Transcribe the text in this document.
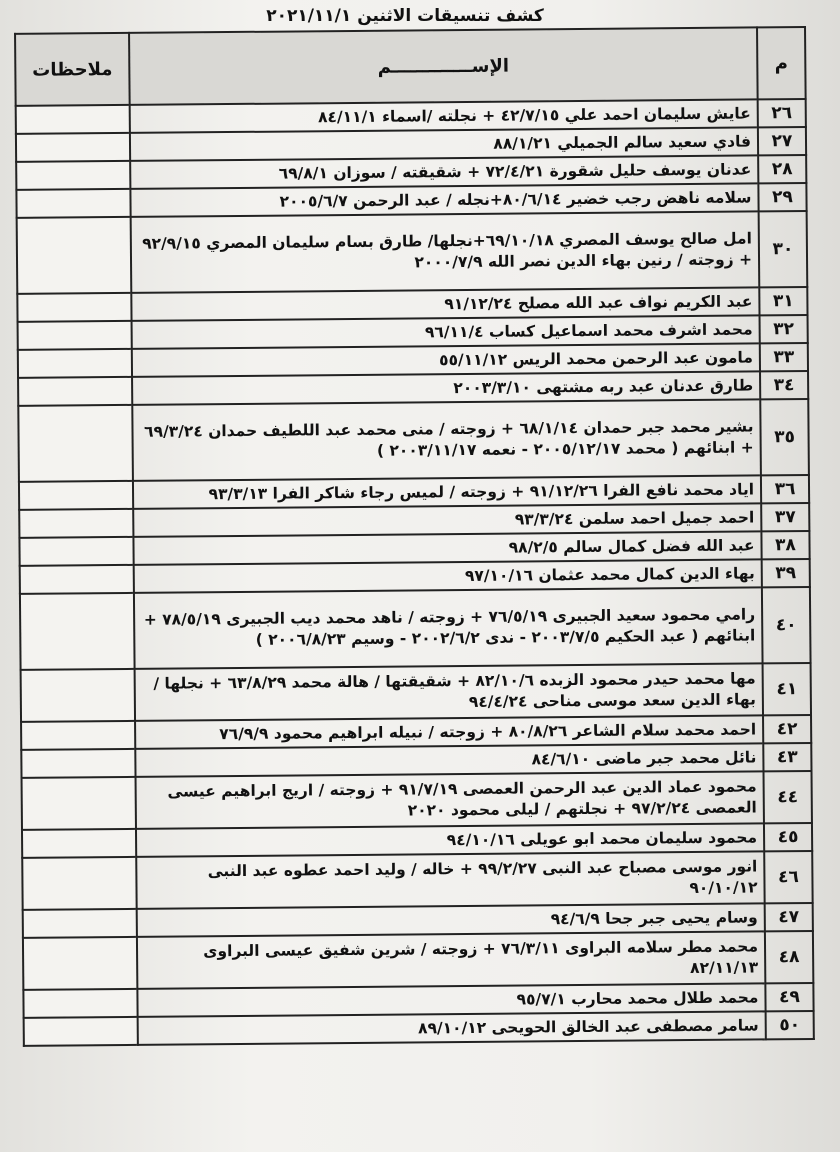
كشف تنسيقات الاثنين ٢٠٢١/١١/١
م	الإســـــــــــــم	ملاحظات
٢٦	عايش سليمان احمد علي ٤٢/٧/١٥ + نجلته /اسماء ٨٤/١١/١	
٢٧	فادي سعيد سالم الجميلي ٨٨/١/٢١	
٢٨	عدنان يوسف حليل شقورة ٧٢/٤/٢١ + شقيقته / سوزان ٦٩/٨/١	
٢٩	سلامه ناهض رجب خضير ٨٠/٦/١٤+نجله / عبد الرحمن ٢٠٠٥/٦/٧	
٣٠	امل صالح يوسف المصري ٦٩/١٠/١٨+نجلها/ طارق بسام سليمان المصري ٩٢/٩/١٥ + زوجته / رنين بهاء الدين نصر الله ٢٠٠٠/٧/٩	
٣١	عبد الكريم نواف عبد الله مصلح ٩١/١٢/٢٤	
٣٢	محمد اشرف محمد اسماعيل كساب ٩٦/١١/٤	
٣٣	مامون عبد الرحمن محمد الريس ٥٥/١١/١٢	
٣٤	طارق عدنان عبد ربه مشتهى ٢٠٠٣/٣/١٠	
٣٥	بشير محمد جبر حمدان ٦٨/١/١٤ + زوجته / منى محمد عبد اللطيف حمدان ٦٩/٣/٢٤ + ابنائهم ( محمد ٢٠٠٥/١٢/١٧ - نعمه ٢٠٠٣/١١/١٧ )	
٣٦	اياد محمد نافع الفرا ٩١/١٢/٢٦ + زوجته / لميس رجاء شاكر الفرا ٩٣/٣/١٣	
٣٧	احمد جميل احمد سلمن ٩٣/٣/٢٤	
٣٨	عبد الله فضل كمال سالم ٩٨/٢/٥	
٣٩	بهاء الدين كمال محمد عثمان ٩٧/١٠/١٦	
٤٠	رامي محمود سعيد الجبيرى ٧٦/٥/١٩ + زوجته / ناهد محمد ديب الجبيرى ٧٨/٥/١٩ + ابنائهم ( عبد الحكيم ٢٠٠٣/٧/٥ - ندى ٢٠٠٢/٦/٢ - وسيم ٢٠٠٦/٨/٢٣ )	
٤١	مها محمد حيدر محمود الزبده ٨٢/١٠/٦ + شقيقتها / هالة محمد ٦٣/٨/٢٩ + نجلها / بهاء الدين سعد موسى مناحى ٩٤/٤/٢٤	
٤٢	احمد محمد سلام الشاعر ٨٠/٨/٢٦ + زوجته / نبيله ابراهيم محمود ٧٦/٩/٩	
٤٣	نائل محمد جبر ماضى ٨٤/٦/١٠	
٤٤	محمود عماد الدين عبد الرحمن العمصى ٩١/٧/١٩ + زوجته / اريج ابراهيم عيسى العمصى ٩٧/٢/٢٤ + نجلتهم / ليلى محمود ٢٠٢٠	
٤٥	محمود سليمان محمد ابو عويلى ٩٤/١٠/١٦	
٤٦	انور موسى مصباح عبد النبى ٩٩/٢/٢٧ + خاله / وليد احمد عطوه عبد النبى ٩٠/١٠/١٢	
٤٧	وسام يحيى جبر جحا ٩٤/٦/٩	
٤٨	محمد مطر سلامه البراوى ٧٦/٣/١١ + زوجته / شرين شفيق عيسى البراوى ٨٢/١١/١٣	
٤٩	محمد طلال محمد محارب ٩٥/٧/١	
٥٠	سامر مصطفى عبد الخالق الحويحى ٨٩/١٠/١٢	
